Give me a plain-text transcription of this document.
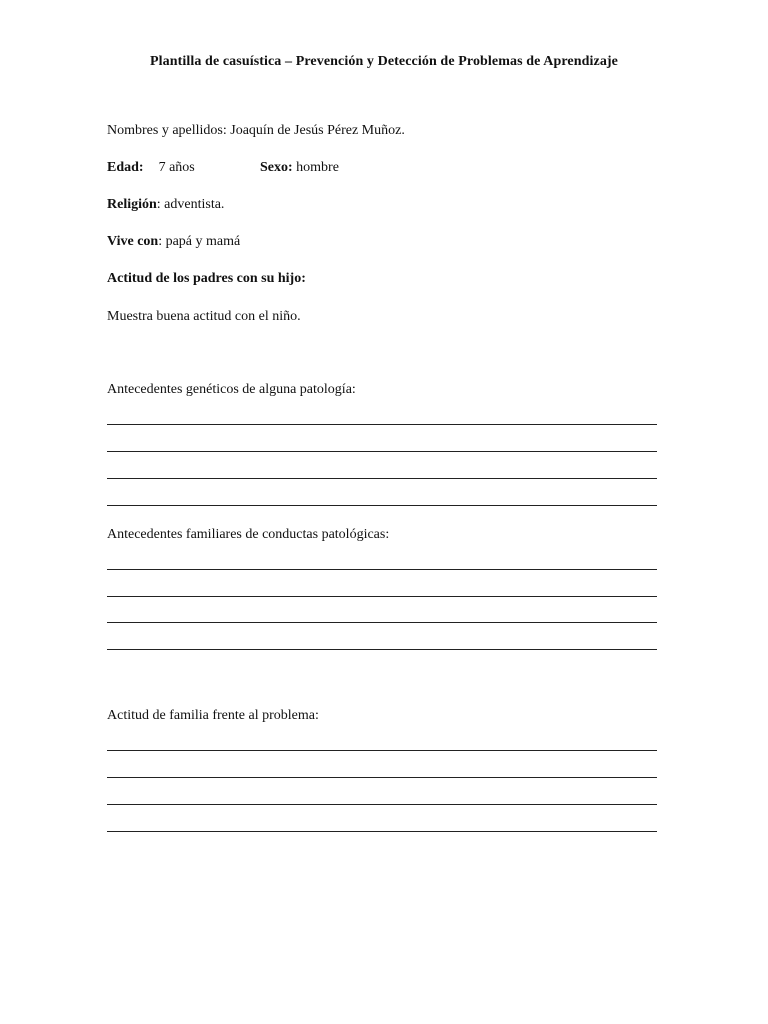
Plantilla de casuística – Prevención y Detección de Problemas de Aprendizaje
Nombres y apellidos: Joaquín de Jesús Pérez Muñoz.
Edad: 7 años	Sexo: hombre
Religión: adventista.
Vive con: papá y mamá
Actitud de los padres con su hijo:
Muestra buena actitud con el niño.
Antecedentes genéticos de alguna patología:
Antecedentes familiares de conductas patológicas:
Actitud de familia frente al problema:
